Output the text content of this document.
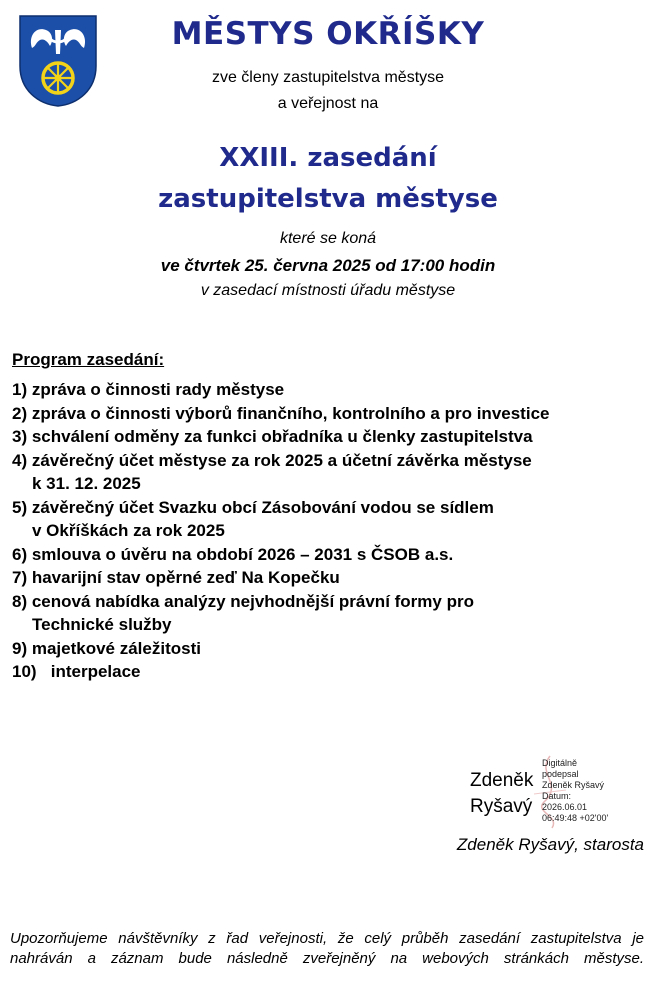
MĚSTYS OKŘÍŠKY
zve členy zastupitelstva městyse
a veřejnost na
XXIII. zasedání
zastupitelstva městyse
které se koná
ve čtvrtek 25. června 2025 od 17:00 hodin
v zasedací místnosti úřadu městyse
Program zasedání:
1) zpráva o činnosti rady městyse
2) zpráva o činnosti výborů finančního, kontrolního a pro investice
3) schválení odměny za funkci obřadníka u členky zastupitelstva
4) závěrečný účet městyse za rok 2025 a účetní závěrka městyse
k 31. 12. 2025
5) závěrečný účet Svazku obcí Zásobování vodou se sídlem
v Okříškách za rok 2025
6) smlouva o úvěru na období 2026 – 2031 s ČSOB a.s.
7) havarijní stav opěrné zeď Na Kopečku
8) cenová nabídka analýzy nejvhodnější právní formy pro
Technické služby
9) majetkové záležitosti
10)   interpelace
Zdeněk
Ryšavý
Digitálně
podepsal
Zdeněk Ryšavý
Datum:
2026.06.01
06:49:48 +02'00'
Zdeněk Ryšavý, starosta
Upozorňujeme návštěvníky z řad veřejnosti, že celý průběh zasedání zastupitelstva je nahráván a záznam bude následně zveřejněný na webových stránkách městyse.
